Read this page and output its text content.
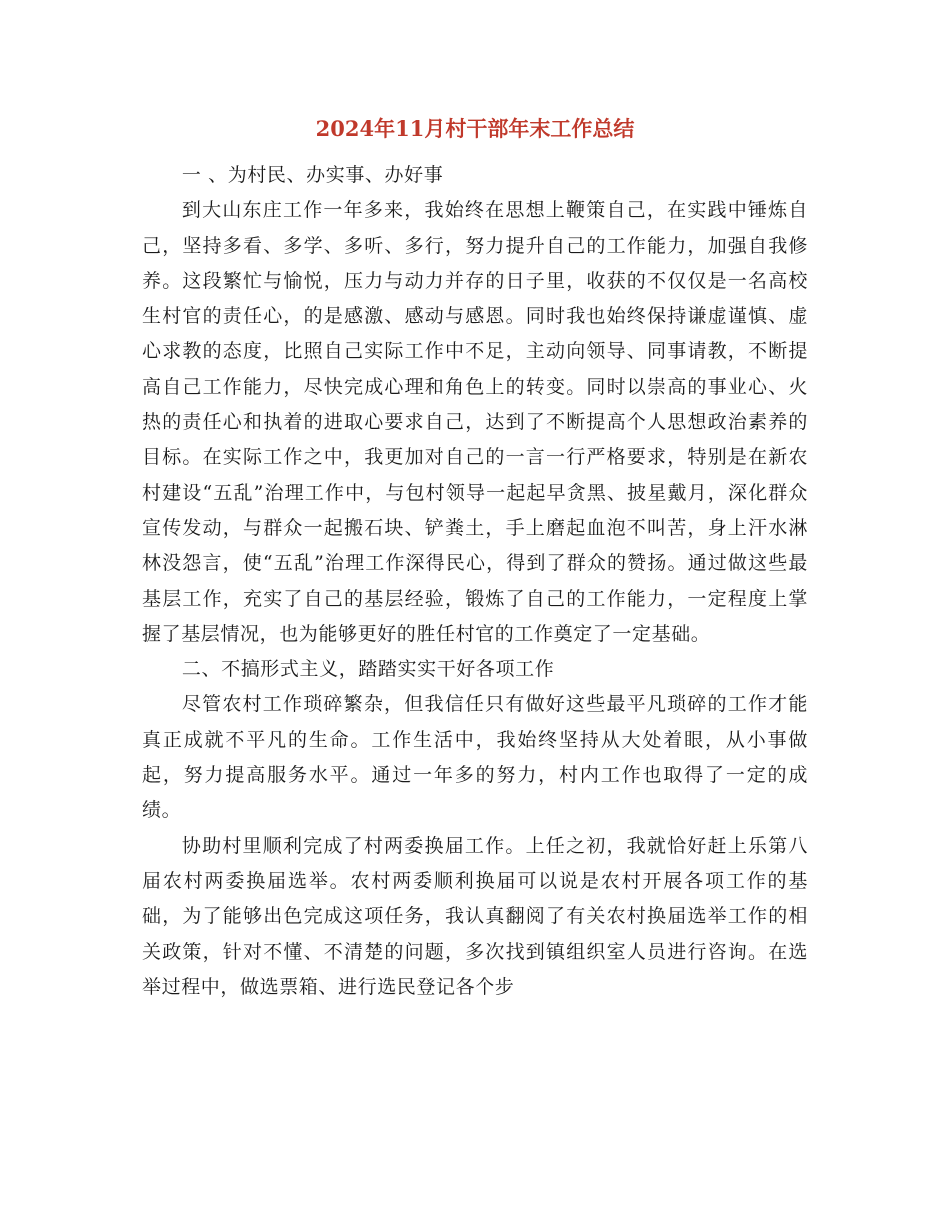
2024年11月村干部年末工作总结

一 、为村民、办实事、办好事

到大山东庄工作一年多来，我始终在思想上鞭策自己，在实践中锤炼自己，坚持多看、多学、多听、多行，努力提升自己的工作能力，加强自我修养。这段繁忙与愉悦，压力与动力并存的日子里，收获的不仅仅是一名高校生村官的责任心，的是感激、感动与感恩。同时我也始终保持谦虚谨慎、虚心求教的态度，比照自己实际工作中不足，主动向领导、同事请教，不断提高自己工作能力，尽快完成心理和角色上的转变。同时以崇高的事业心、火热的责任心和执着的进取心要求自己，达到了不断提高个人思想政治素养的目标。在实际工作之中，我更加对自己的一言一行严格要求，特别是在新农村建设“五乱”治理工作中，与包村领导一起起早贪黑、披星戴月，深化群众宣传发动，与群众一起搬石块、铲粪土，手上磨起血泡不叫苦，身上汗水淋林没怨言，使“五乱”治理工作深得民心，得到了群众的赞扬。通过做这些最基层工作，充实了自己的基层经验，锻炼了自己的工作能力，一定程度上掌握了基层情况，也为能够更好的胜任村官的工作奠定了一定基础。

二、不搞形式主义，踏踏实实干好各项工作

尽管农村工作琐碎繁杂，但我信任只有做好这些最平凡琐碎的工作才能真正成就不平凡的生命。工作生活中，我始终坚持从大处着眼，从小事做起，努力提高服务水平。通过一年多的努力，村内工作也取得了一定的成绩。

协助村里顺利完成了村两委换届工作。上任之初，我就恰好赶上乐第八届农村两委换届选举。农村两委顺利换届可以说是农村开展各项工作的基础，为了能够出色完成这项任务，我认真翻阅了有关农村换届选举工作的相关政策，针对不懂、不清楚的问题，多次找到镇组织室人员进行咨询。在选举过程中，做选票箱、进行选民登记各个步
